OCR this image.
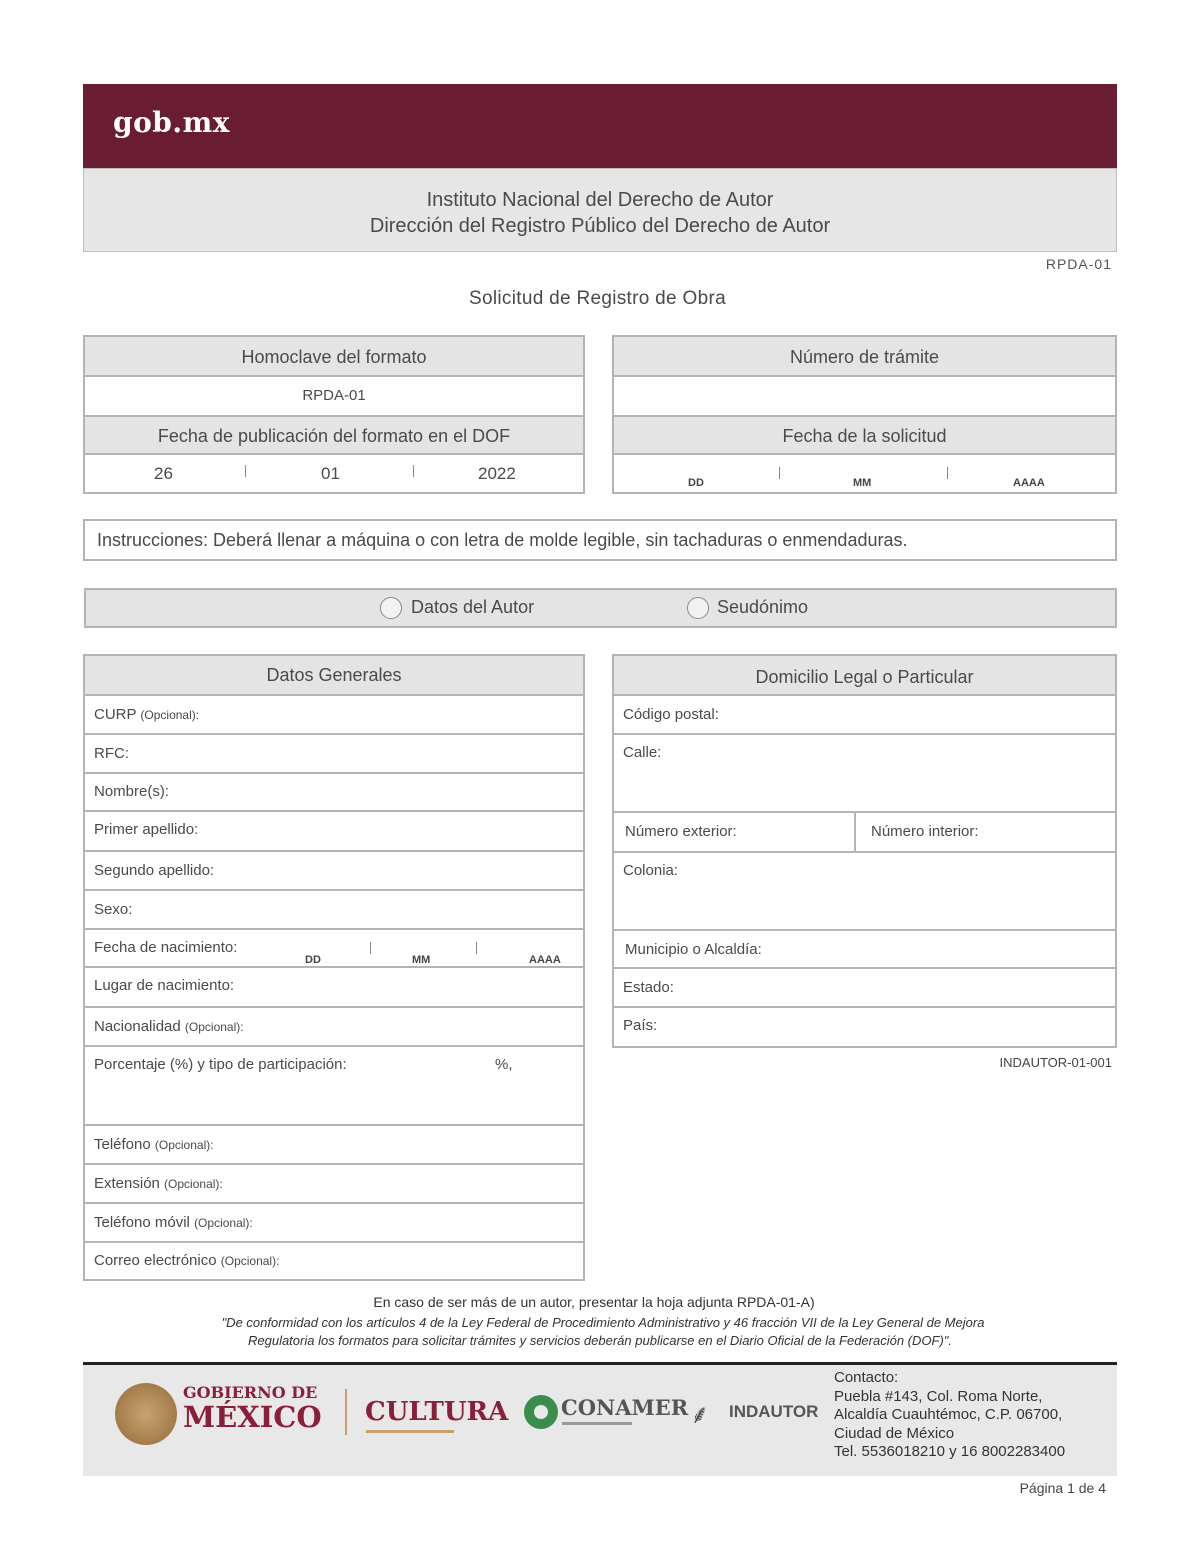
gob.mx
Instituto Nacional del Derecho de Autor
Dirección del Registro Público del Derecho de Autor
RPDA-01
Solicitud de Registro de Obra
Homoclave del formato
RPDA-01
Fecha de publicación del formato en el DOF
26	01	2022
Número de trámite
Fecha de la solicitud
DD	MM	AAAA
Instrucciones: Deberá llenar a máquina o con letra de molde legible, sin tachaduras o enmendaduras.
Datos del Autor	Seudónimo
Datos Generales
CURP (Opcional):
RFC:
Nombre(s):
Primer apellido:
Segundo apellido:
Sexo:
Fecha de nacimiento:
DD	MM	AAAA
Lugar de nacimiento:
Nacionalidad (Opcional):
Porcentaje (%) y tipo de participación:	%,
Teléfono (Opcional):
Extensión (Opcional):
Teléfono móvil (Opcional):
Correo electrónico (Opcional):
Domicilio Legal o Particular
Código postal:
Calle:
Número exterior:	Número interior:
Colonia:
Municipio o Alcaldía:
Estado:
País:
INDAUTOR-01-001
En caso de ser más de un autor, presentar la hoja adjunta RPDA-01-A)
"De conformidad con los artículos 4 de la Ley Federal de Procedimiento Administrativo y 46 fracción VII de la Ley General de Mejora
Regulatoria los formatos para solicitar trámites y servicios deberán publicarse en el Diario Oficial de la Federación (DOF)".
GOBIERNO DE
MÉXICO CULTURA	CONAMER ⸙	INDAUTOR
Contacto:
Puebla #143, Col. Roma Norte,
Alcaldía Cuauhtémoc, C.P. 06700,
Ciudad de México
Tel. 5536018210 y 16 8002283400
Página 1 de 4
